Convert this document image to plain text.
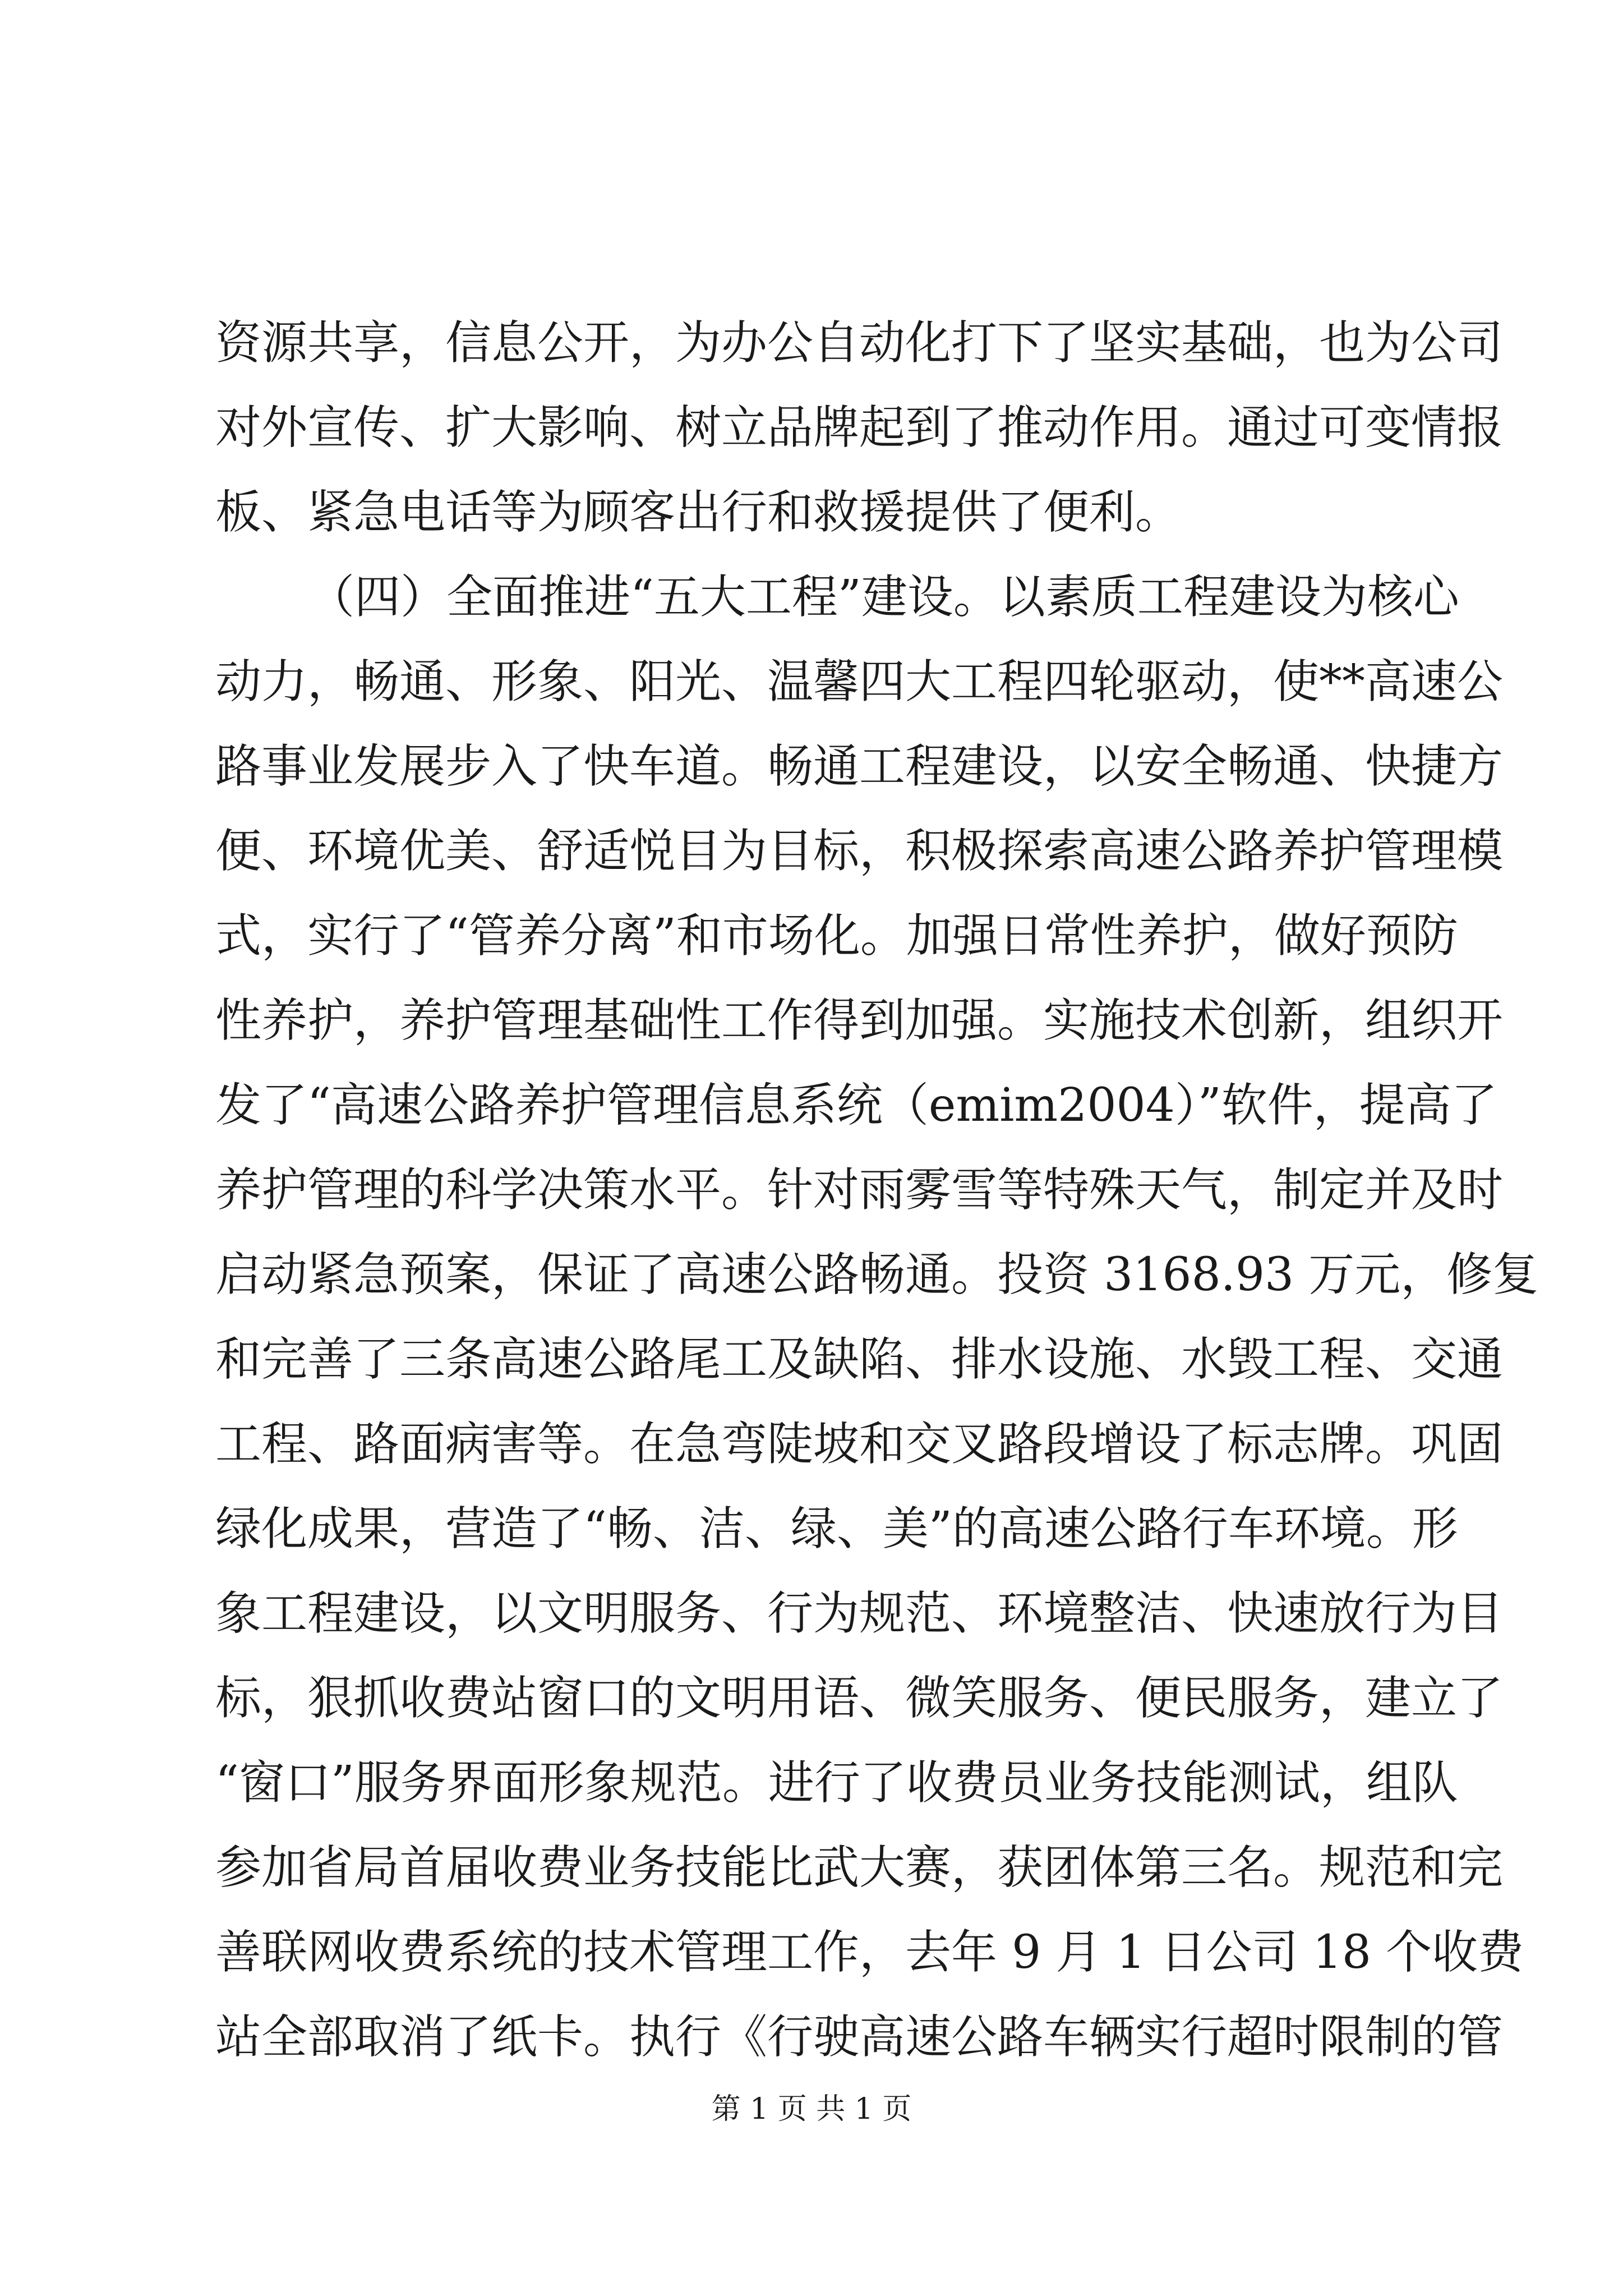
资源共享，信息公开，为办公自动化打下了坚实基础，也为公司
对外宣传、扩大影响、树立品牌起到了推动作用。通过可变情报
板、紧急电话等为顾客出行和救援提供了便利。
（四）全面推进“五大工程”建设。以素质工程建设为核心
动力，畅通、形象、阳光、温馨四大工程四轮驱动，使**高速公
路事业发展步入了快车道。畅通工程建设，以安全畅通、快捷方
便、环境优美、舒适悦目为目标，积极探索高速公路养护管理模
式，实行了“管养分离”和市场化。加强日常性养护，做好预防
性养护，养护管理基础性工作得到加强。实施技术创新，组织开
发了“高速公路养护管理信息系统（emim2004）”软件，提高了
养护管理的科学决策水平。针对雨雾雪等特殊天气，制定并及时
启动紧急预案，保证了高速公路畅通。投资 3168.93 万元，修复
和完善了三条高速公路尾工及缺陷、排水设施、水毁工程、交通
工程、路面病害等。在急弯陡坡和交叉路段增设了标志牌。巩固
绿化成果，营造了“畅、洁、绿、美”的高速公路行车环境。形
象工程建设，以文明服务、行为规范、环境整洁、快速放行为目
标，狠抓收费站窗口的文明用语、微笑服务、便民服务，建立了
“窗口”服务界面形象规范。进行了收费员业务技能测试，组队
参加省局首届收费业务技能比武大赛，获团体第三名。规范和完
善联网收费系统的技术管理工作，去年 9 月 1 日公司 18 个收费
站全部取消了纸卡。执行《行驶高速公路车辆实行超时限制的管
第 1 页 共 1 页
